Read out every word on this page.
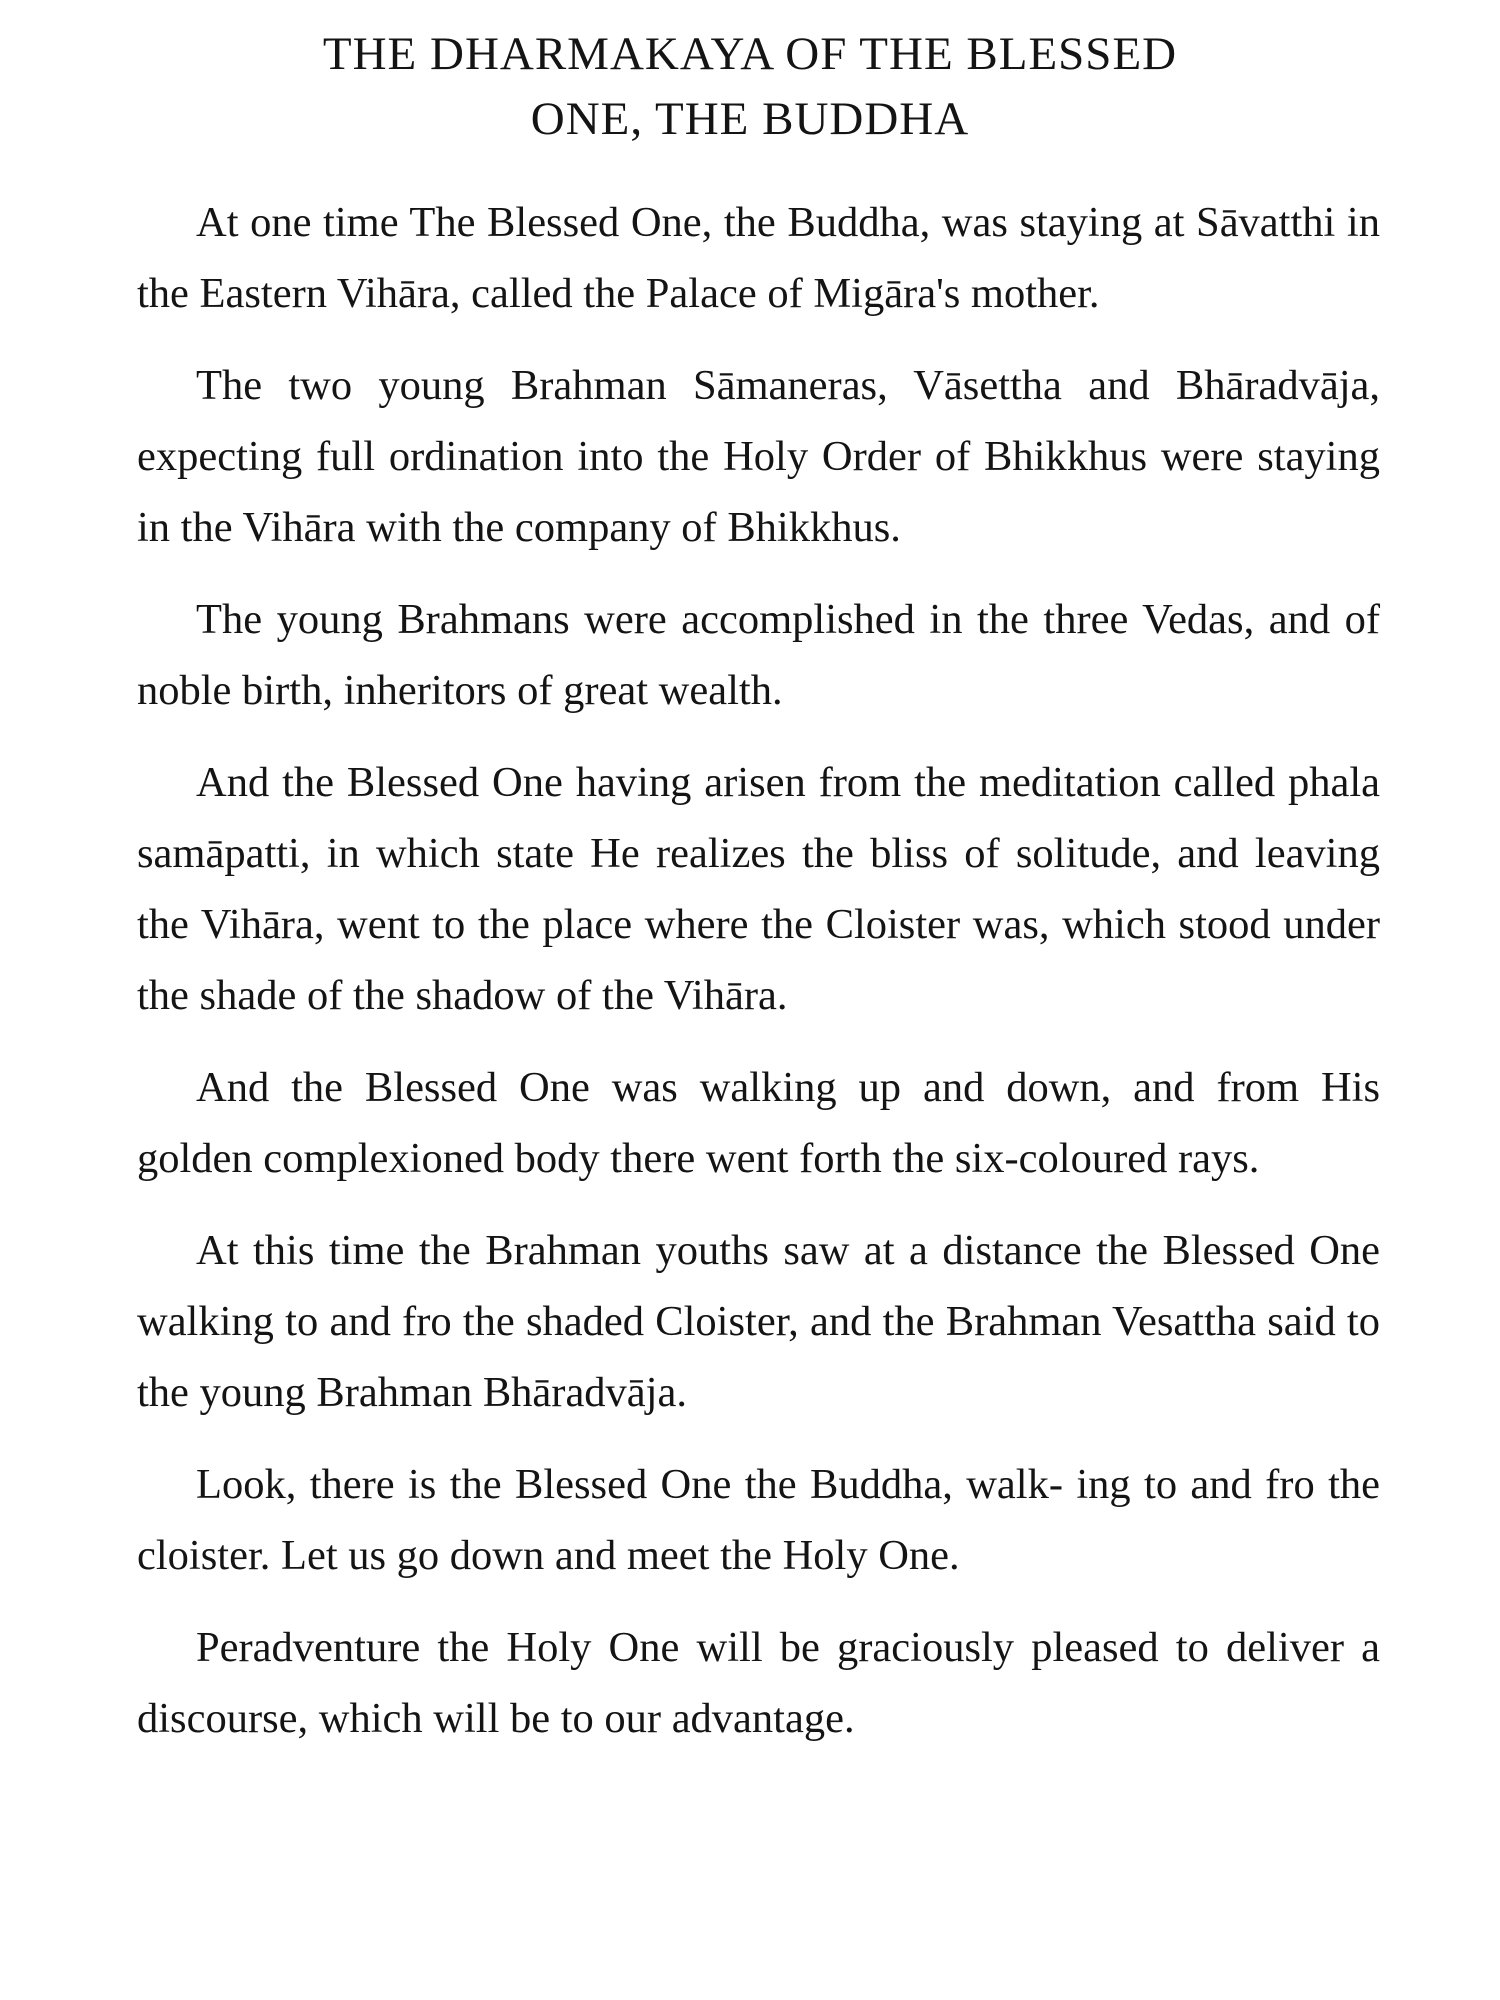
THE DHARMAKAYA OF THE BLESSED
ONE, THE BUDDHA

At one time The Blessed One, the Buddha, was staying at Sāvatthi in the Eastern Vihāra, called the Palace of Migāra's mother.

The two young Brahman Sāmaneras, Vāsettha and Bhāradvāja, expecting full ordination into the Holy Order of Bhikkhus were staying in the Vihāra with the company of Bhikkhus.

The young Brahmans were accomplished in the three Vedas, and of noble birth, inheritors of great wealth.

And the Blessed One having arisen from the meditation called phala samāpatti, in which state He realizes the bliss of solitude, and leaving the Vihāra, went to the place where the Cloister was, which stood under the shade of the shadow of the Vihāra.

And the Blessed One was walking up and down, and from His golden complexioned body there went forth the six-coloured rays.

At this time the Brahman youths saw at a distance the Blessed One walking to and fro the shaded Cloister, and the Brahman Vesattha said to the young Brahman Bhāradvāja.

Look, there is the Blessed One the Buddha, walk- ing to and fro the cloister. Let us go down and meet the Holy One.

Peradventure the Holy One will be graciously pleased to deliver a discourse, which will be to our advantage.
